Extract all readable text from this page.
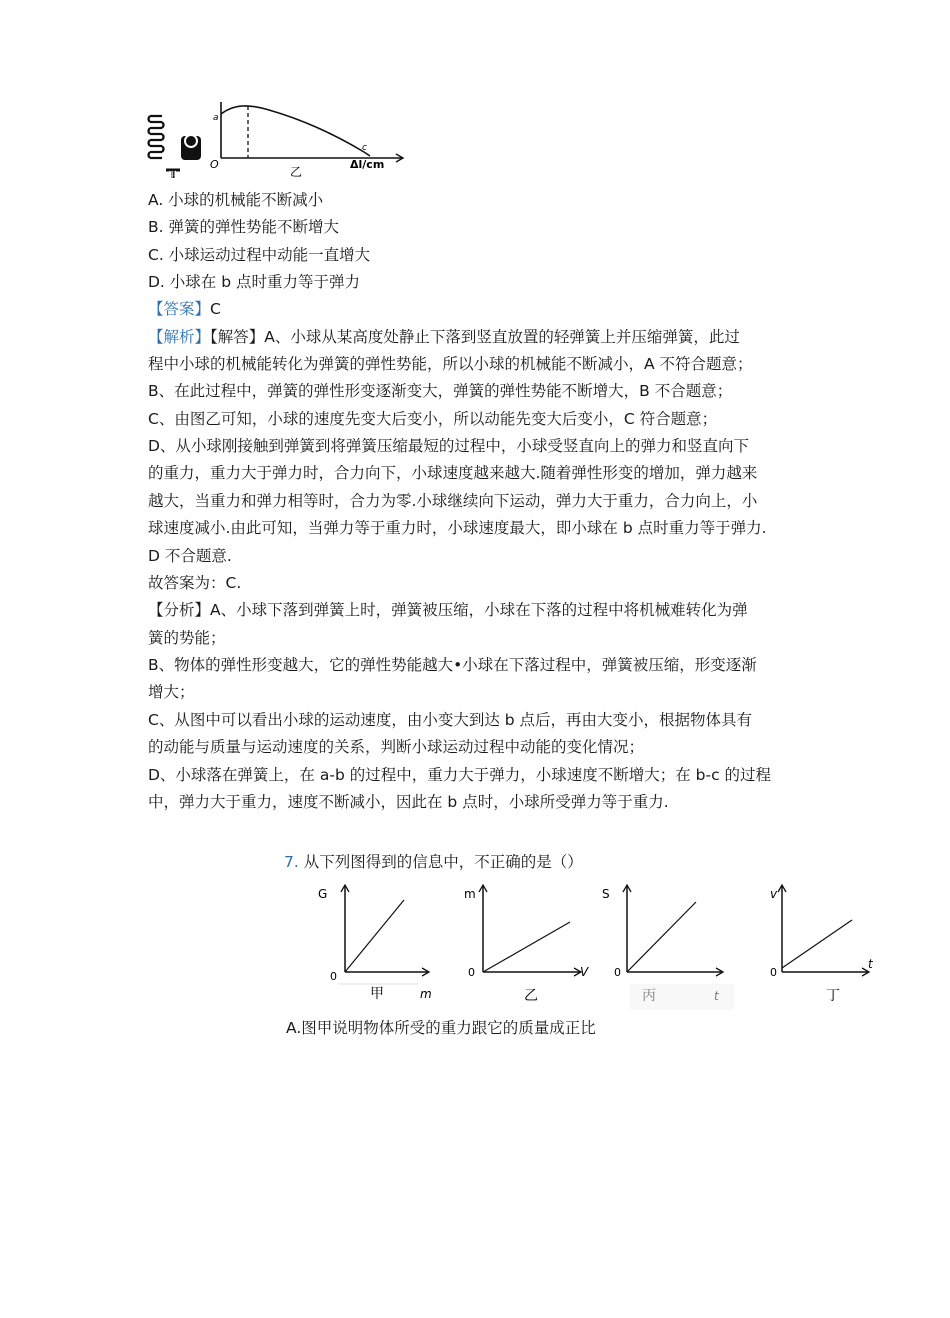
a
O
c
乙
Δl/cm
甲
A. 小球的机械能不断减小
B. 弹簧的弹性势能不断增大
C. 小球运动过程中动能一直增大
D. 小球在 b 点时重力等于弹力
【答案】C
【解析】【解答】A、小球从某高度处静止下落到竖直放置的轻弹簧上并压缩弹簧，此过
程中小球的机械能转化为弹簧的弹性势能，所以小球的机械能不断减小，A 不符合题意；
B、在此过程中，弹簧的弹性形变逐渐变大，弹簧的弹性势能不断增大，B 不合题意；
C、由图乙可知，小球的速度先变大后变小，所以动能先变大后变小，C 符合题意；
D、从小球刚接触到弹簧到将弹簧压缩最短的过程中，小球受竖直向上的弹力和竖直向下
的重力，重力大于弹力时，合力向下，小球速度越来越大.随着弹性形变的增加，弹力越来
越大，当重力和弹力相等时，合力为零.小球继续向下运动，弹力大于重力，合力向上，小
球速度减小.由此可知，当弹力等于重力时，小球速度最大，即小球在 b 点时重力等于弹力.
D 不合题意.
故答案为：C.
【分析】A、小球下落到弹簧上时，弹簧被压缩，小球在下落的过程中将机械难转化为弹
簧的势能；
B、物体的弹性形变越大，它的弹性势能越大•小球在下落过程中，弹簧被压缩，形变逐渐
增大；
C、从图中可以看出小球的运动速度，由小变大到达 b 点后，再由大变小，根据物体具有
的动能与质量与运动速度的关系，判断小球运动过程中动能的变化情况；
D、小球落在弹簧上，在 a-b 的过程中，重力大于弹力，小球速度不断增大；在 b-c 的过程
中，弹力大于重力，速度不断减小，因此在 b 点时，小球所受弹力等于重力.
7. 从下列图得到的信息中，不正确的是（）
G
0
甲	m
m
0
乙
V
S
0
v
0
丁
t
A.图甲说明物体所受的重力跟它的质量成正比
